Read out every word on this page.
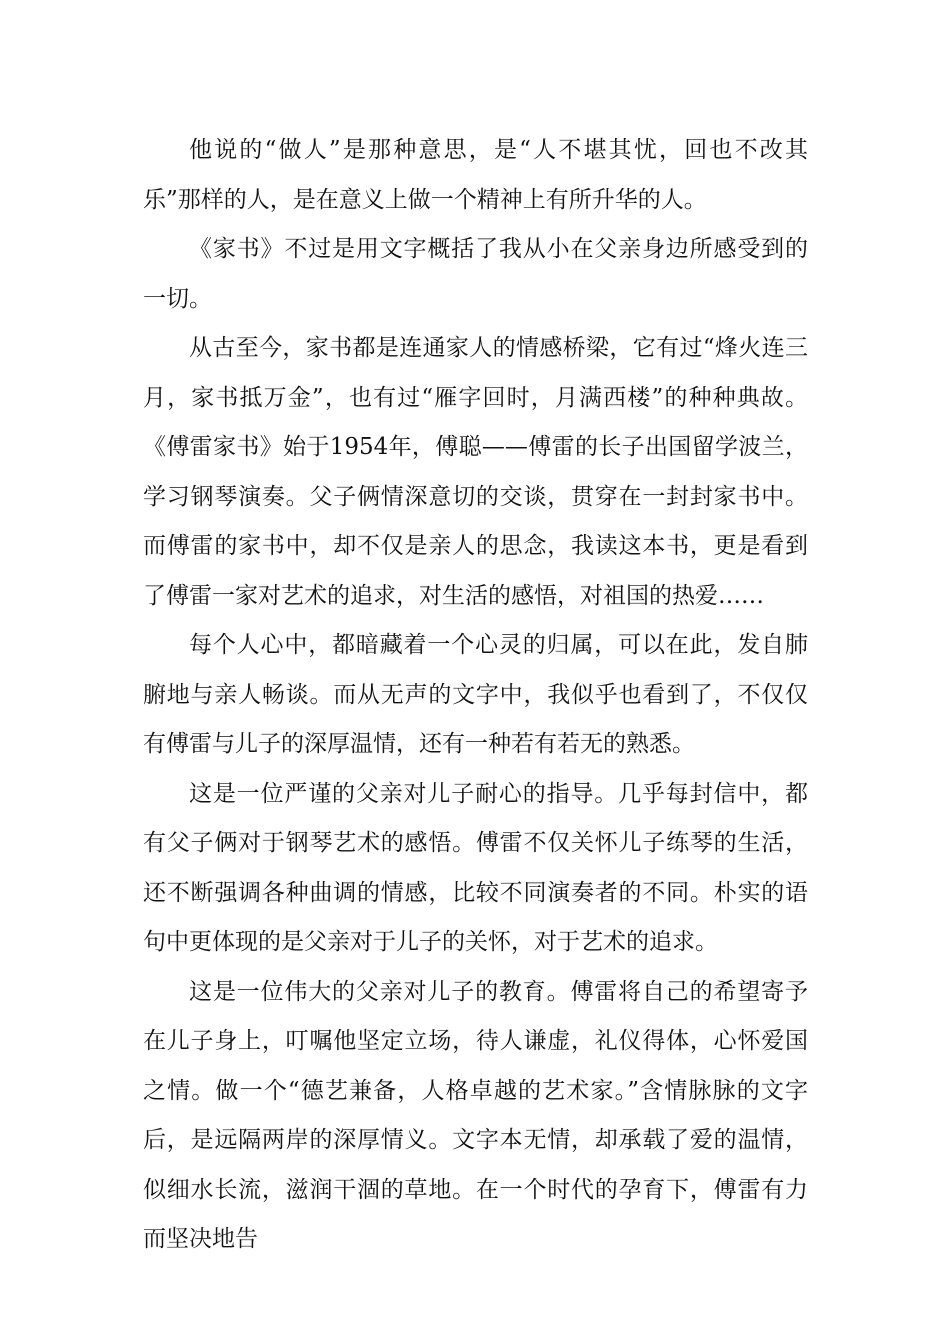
他说的“做人”是那种意思，是“人不堪其忧，回也不改其乐”那样的人，是在意义上做一个精神上有所升华的人。

《家书》不过是用文字概括了我从小在父亲身边所感受到的一切。

从古至今，家书都是连通家人的情感桥梁，它有过“烽火连三月，家书抵万金”，也有过“雁字回时，月满西楼”的种种典故。《傅雷家书》始于1954年，傅聪——傅雷的长子出国留学波兰，学习钢琴演奏。父子俩情深意切的交谈，贯穿在一封封家书中。而傅雷的家书中，却不仅是亲人的思念，我读这本书，更是看到了傅雷一家对艺术的追求，对生活的感悟，对祖国的热爱……

每个人心中，都暗藏着一个心灵的归属，可以在此，发自肺腑地与亲人畅谈。而从无声的文字中，我似乎也看到了，不仅仅有傅雷与儿子的深厚温情，还有一种若有若无的熟悉。

这是一位严谨的父亲对儿子耐心的指导。几乎每封信中，都有父子俩对于钢琴艺术的感悟。傅雷不仅关怀儿子练琴的生活，还不断强调各种曲调的情感，比较不同演奏者的不同。朴实的语句中更体现的是父亲对于儿子的关怀，对于艺术的追求。

这是一位伟大的父亲对儿子的教育。傅雷将自己的希望寄予在儿子身上，叮嘱他坚定立场，待人谦虚，礼仪得体，心怀爱国之情。做一个“德艺兼备，人格卓越的艺术家。”含情脉脉的文字后，是远隔两岸的深厚情义。文字本无情，却承载了爱的温情，似细水长流，滋润干涸的草地。在一个时代的孕育下，傅雷有力而坚决地告
